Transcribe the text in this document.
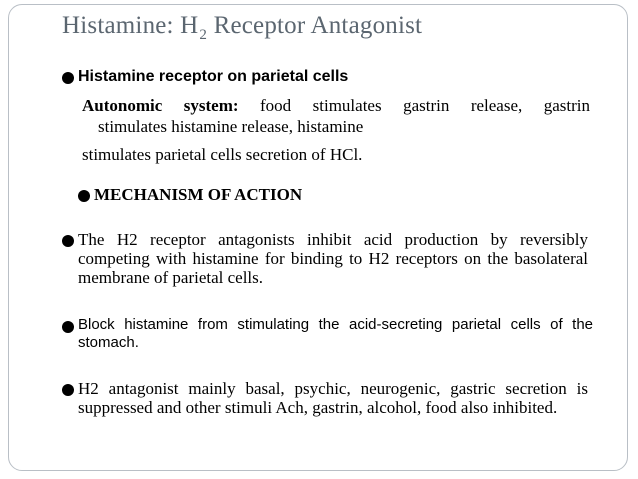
Histamine: $H_2$ Receptor Antagonist

Histamine receptor on parietal cells

Autonomic system: food stimulates gastrin release, gastrin

stimulates histamine release, histamine

stimulates parietal cells secretion of HCl.

MECHANISM OF ACTION

The H2 receptor antagonists inhibit acid production by reversibly competing with histamine for binding to H2 receptors on the basolateral membrane of parietal cells.

Block histamine from stimulating the acid-secreting parietal cells of the stomach.

H2 antagonist mainly basal, psychic, neurogenic, gastric secretion is suppressed and other stimuli Ach, gastrin, alcohol, food also inhibited.
